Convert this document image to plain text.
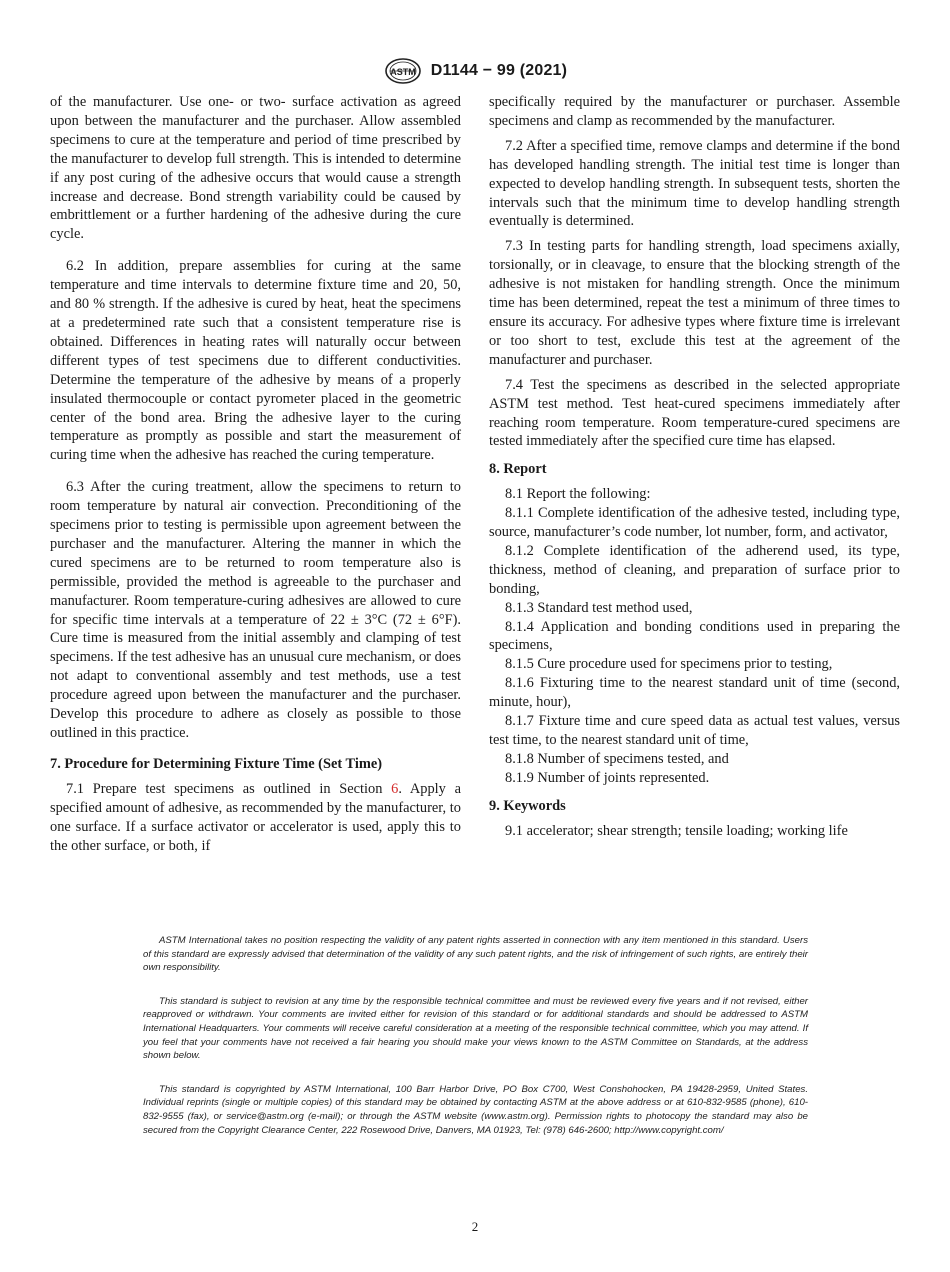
ASTM D1144 − 99 (2021)

of the manufacturer. Use one- or two- surface activation as agreed upon between the manufacturer and the purchaser. Allow assembled specimens to cure at the temperature and period of time prescribed by the manufacturer to develop full strength. This is intended to determine if any post curing of the adhesive occurs that would cause a strength increase and decrease. Bond strength variability could be caused by embrittlement or a further hardening of the adhesive during the cure cycle.

6.2 In addition, prepare assemblies for curing at the same temperature and time intervals to determine fixture time and 20, 50, and 80 % strength. If the adhesive is cured by heat, heat the specimens at a predetermined rate such that a consistent temperature rise is obtained. Differences in heating rates will naturally occur between different types of test specimens due to different conductivities. Determine the temperature of the adhesive by means of a properly insulated thermocouple or contact pyrometer placed in the geometric center of the bond area. Bring the adhesive layer to the curing temperature as promptly as possible and start the measurement of curing time when the adhesive has reached the curing temperature.

6.3 After the curing treatment, allow the specimens to return to room temperature by natural air convection. Preconditioning of the specimens prior to testing is permissible upon agreement between the purchaser and the manufacturer. Altering the manner in which the cured specimens are to be returned to room temperature also is permissible, provided the method is agreeable to the purchaser and manufacturer. Room temperature-curing adhesives are allowed to cure for specific time intervals at a temperature of 22 ± 3°C (72 ± 6°F). Cure time is measured from the initial assembly and clamping of test specimens. If the test adhesive has an unusual cure mechanism, or does not adapt to conventional assembly and test methods, use a test procedure agreed upon between the manufacturer and the purchaser. Develop this procedure to adhere as closely as possible to those outlined in this practice.

7. Procedure for Determining Fixture Time (Set Time)

7.1 Prepare test specimens as outlined in Section 6. Apply a specified amount of adhesive, as recommended by the manufacturer, to one surface. If a surface activator or accelerator is used, apply this to the other surface, or both, if

specifically required by the manufacturer or purchaser. Assemble specimens and clamp as recommended by the manufacturer.

7.2 After a specified time, remove clamps and determine if the bond has developed handling strength. The initial test time is longer than expected to develop handling strength. In subsequent tests, shorten the intervals such that the minimum time to develop handling strength eventually is determined.

7.3 In testing parts for handling strength, load specimens axially, torsionally, or in cleavage, to ensure that the blocking strength of the adhesive is not mistaken for handling strength. Once the minimum time has been determined, repeat the test a minimum of three times to ensure its accuracy. For adhesive types where fixture time is irrelevant or too short to test, exclude this test at the agreement of the manufacturer and purchaser.

7.4 Test the specimens as described in the selected appropriate ASTM test method. Test heat-cured specimens immediately after reaching room temperature. Room temperature-cured specimens are tested immediately after the specified cure time has elapsed.

8. Report

8.1 Report the following:

8.1.1 Complete identification of the adhesive tested, including type, source, manufacturer’s code number, lot number, form, and activator,

8.1.2 Complete identification of the adherend used, its type, thickness, method of cleaning, and preparation of surface prior to bonding,

8.1.3 Standard test method used,

8.1.4 Application and bonding conditions used in preparing the specimens,

8.1.5 Cure procedure used for specimens prior to testing,

8.1.6 Fixturing time to the nearest standard unit of time (second, minute, hour),

8.1.7 Fixture time and cure speed data as actual test values, versus test time, to the nearest standard unit of time,

8.1.8 Number of specimens tested, and

8.1.9 Number of joints represented.

9. Keywords

9.1 accelerator; shear strength; tensile loading; working life

ASTM International takes no position respecting the validity of any patent rights asserted in connection with any item mentioned in this standard. Users of this standard are expressly advised that determination of the validity of any such patent rights, and the risk of infringement of such rights, are entirely their own responsibility.

This standard is subject to revision at any time by the responsible technical committee and must be reviewed every five years and if not revised, either reapproved or withdrawn. Your comments are invited either for revision of this standard or for additional standards and should be addressed to ASTM International Headquarters. Your comments will receive careful consideration at a meeting of the responsible technical committee, which you may attend. If you feel that your comments have not received a fair hearing you should make your views known to the ASTM Committee on Standards, at the address shown below.

This standard is copyrighted by ASTM International, 100 Barr Harbor Drive, PO Box C700, West Conshohocken, PA 19428-2959, United States. Individual reprints (single or multiple copies) of this standard may be obtained by contacting ASTM at the above address or at 610-832-9585 (phone), 610-832-9555 (fax), or service@astm.org (e-mail); or through the ASTM website (www.astm.org). Permission rights to photocopy the standard may also be secured from the Copyright Clearance Center, 222 Rosewood Drive, Danvers, MA 01923, Tel: (978) 646-2600; http://www.copyright.com/

2
